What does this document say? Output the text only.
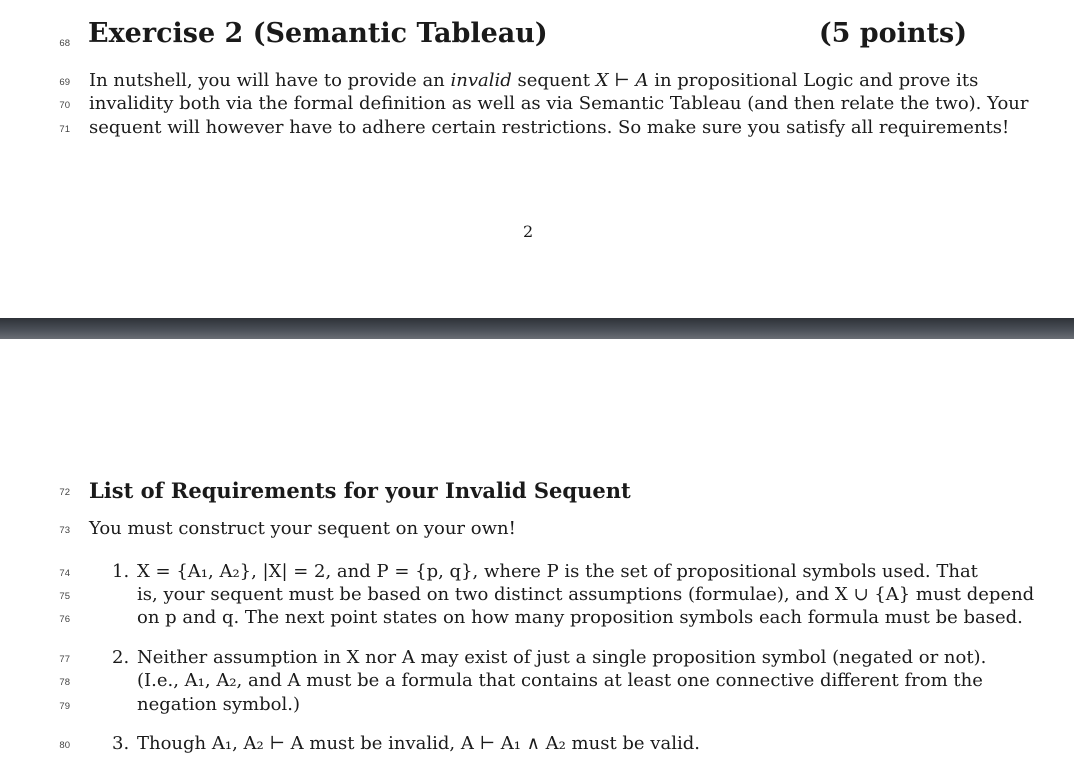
68 Exercise 2 (Semantic Tableau)	(5 points)
69 In nutshell, you will have to provide an invalid sequent X ⊢ A in propositional Logic and prove its
70 invalidity both via the formal definition as well as via Semantic Tableau (and then relate the two). Your
71 sequent will however have to adhere certain restrictions. So make sure you satisfy all requirements!
2
72 List of Requirements for your Invalid Sequent
73 You must construct your sequent on your own!
74 1. X = {A₁, A₂}, |X| = 2, and P = {p, q}, where P is the set of propositional symbols used. That
75	is, your sequent must be based on two distinct assumptions (formulae), and X ∪ {A} must depend
76	on p and q. The next point states on how many proposition symbols each formula must be based.
77 2. Neither assumption in X nor A may exist of just a single proposition symbol (negated or not).
78	(I.e., A₁, A₂, and A must be a formula that contains at least one connective different from the
79	negation symbol.)
80 3. Though A₁, A₂ ⊢ A must be invalid, A ⊢ A₁ ∧ A₂ must be valid.
